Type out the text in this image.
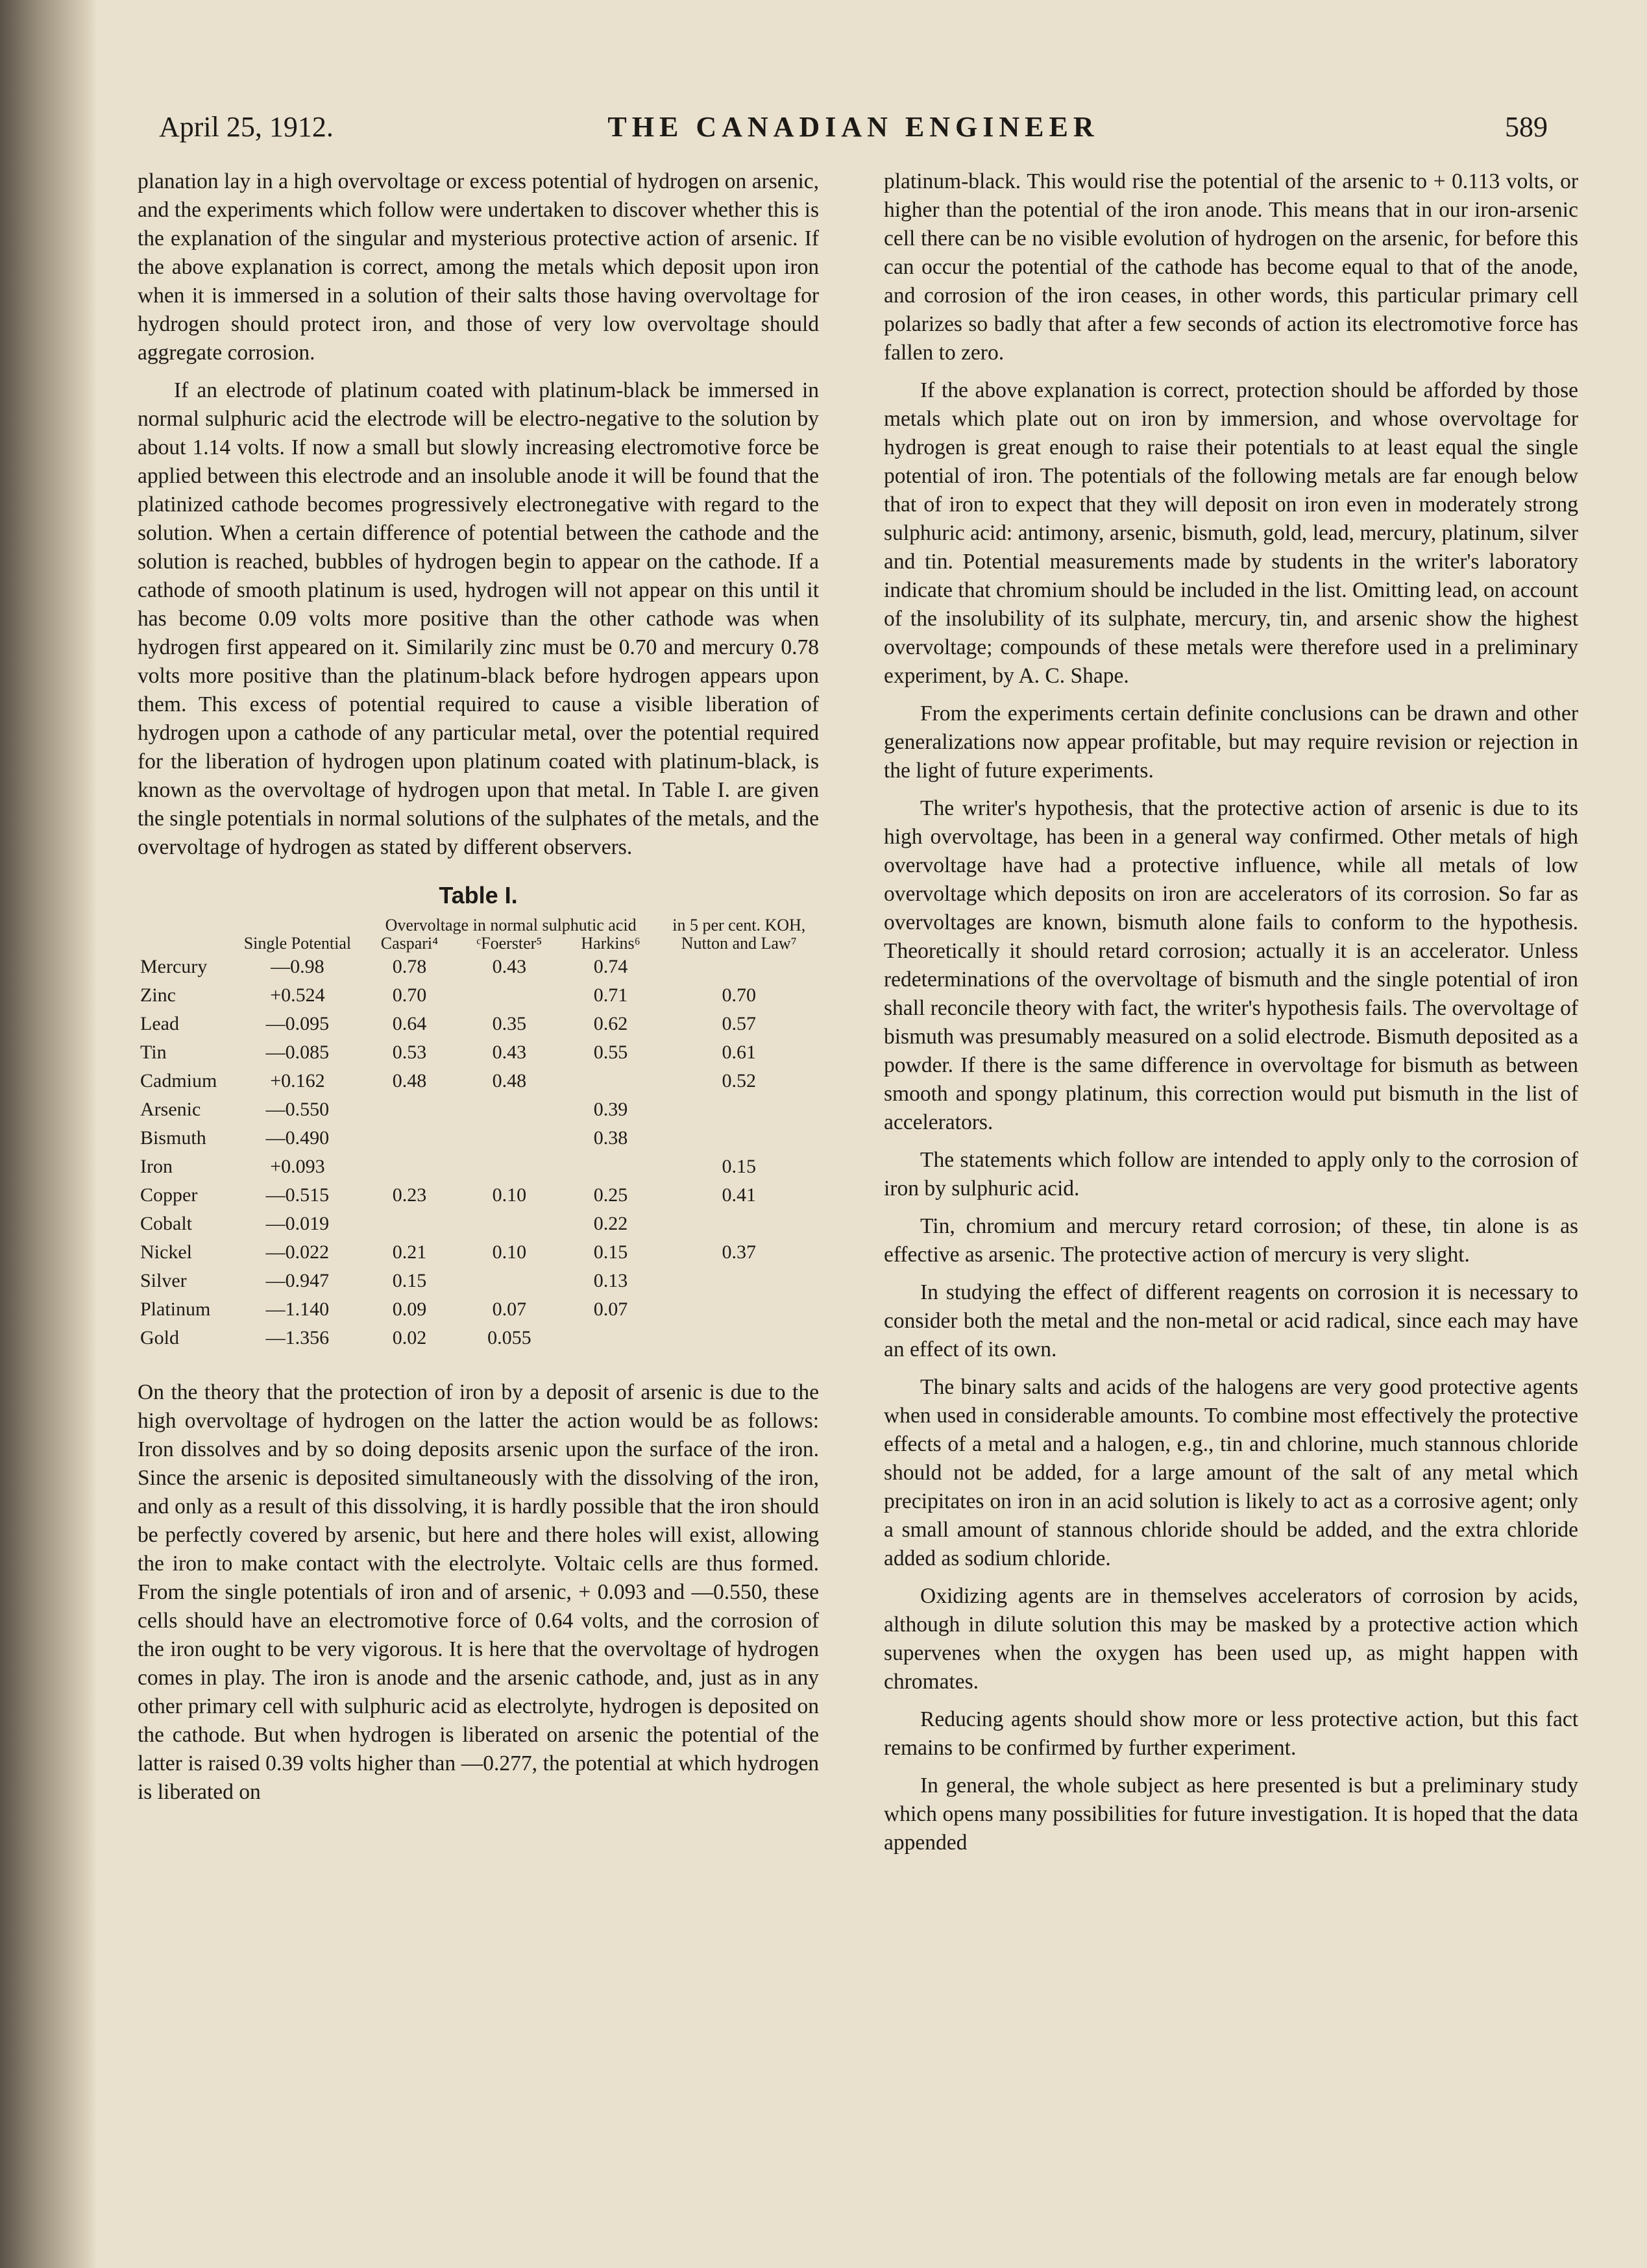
April 25, 1912.	THE CANADIAN ENGINEER	589

planation lay in a high overvoltage or excess potential of hydrogen on arsenic, and the experiments which follow were undertaken to discover whether this is the explanation of the singular and mysterious protective action of arsenic. If the above explanation is correct, among the metals which deposit upon iron when it is immersed in a solution of their salts those having overvoltage for hydrogen should protect iron, and those of very low overvoltage should aggregate corrosion.

If an electrode of platinum coated with platinum-black be immersed in normal sulphuric acid the electrode will be electro-negative to the solution by about 1.14 volts. If now a small but slowly increasing electromotive force be applied between this electrode and an insoluble anode it will be found that the platinized cathode becomes progressively electronegative with regard to the solution. When a certain difference of potential between the cathode and the solution is reached, bubbles of hydrogen begin to appear on the cathode. If a cathode of smooth platinum is used, hydrogen will not appear on this until it has become 0.09 volts more positive than the other cathode was when hydrogen first appeared on it. Similarily zinc must be 0.70 and mercury 0.78 volts more positive than the platinum-black before hydrogen appears upon them. This excess of potential required to cause a visible liberation of hydrogen upon a cathode of any particular metal, over the potential required for the liberation of hydrogen upon platinum coated with platinum-black, is known as the overvoltage of hydrogen upon that metal. In Table I. are given the single potentials in normal solutions of the sulphates of the metals, and the overvoltage of hydrogen as stated by different observers.

Table I.
		Overvoltage in normal sulphutic acid			in 5 per cent. KOH,
	Single Potential	Caspari⁴	ᶜFoerster⁵	Harkins⁶	Nutton and Law⁷
Mercury	—0.98	0.78	0.43	0.74	
Zinc	+0.524	0.70		0.71	0.70
Lead	—0.095	0.64	0.35	0.62	0.57
Tin	—0.085	0.53	0.43	0.55	0.61
Cadmium	+0.162	0.48	0.48		0.52
Arsenic	—0.550			0.39	
Bismuth	—0.490			0.38	
Iron	+0.093				0.15
Copper	—0.515	0.23	0.10	0.25	0.41
Cobalt	—0.019			0.22	
Nickel	—0.022	0.21	0.10	0.15	0.37
Silver	—0.947	0.15		0.13	
Platinum	—1.140	0.09	0.07	0.07	
Gold	—1.356	0.02	0.055		

On the theory that the protection of iron by a deposit of arsenic is due to the high overvoltage of hydrogen on the latter the action would be as follows: Iron dissolves and by so doing deposits arsenic upon the surface of the iron. Since the arsenic is deposited simultaneously with the dissolving of the iron, and only as a result of this dissolving, it is hardly possible that the iron should be perfectly covered by arsenic, but here and there holes will exist, allowing the iron to make contact with the electrolyte. Voltaic cells are thus formed. From the single potentials of iron and of arsenic, + 0.093 and —0.550, these cells should have an electromotive force of 0.64 volts, and the corrosion of the iron ought to be very vigorous. It is here that the overvoltage of hydrogen comes in play. The iron is anode and the arsenic cathode, and, just as in any other primary cell with sulphuric acid as electrolyte, hydrogen is deposited on the cathode. But when hydrogen is liberated on arsenic the potential of the latter is raised 0.39 volts higher than —0.277, the potential at which hydrogen is liberated on

platinum-black. This would rise the potential of the arsenic to + 0.113 volts, or higher than the potential of the iron anode. This means that in our iron-arsenic cell there can be no visible evolution of hydrogen on the arsenic, for before this can occur the potential of the cathode has become equal to that of the anode, and corrosion of the iron ceases, in other words, this particular primary cell polarizes so badly that after a few seconds of action its electromotive force has fallen to zero.

If the above explanation is correct, protection should be afforded by those metals which plate out on iron by immersion, and whose overvoltage for hydrogen is great enough to raise their potentials to at least equal the single potential of iron. The potentials of the following metals are far enough below that of iron to expect that they will deposit on iron even in moderately strong sulphuric acid: antimony, arsenic, bismuth, gold, lead, mercury, platinum, silver and tin. Potential measurements made by students in the writer's laboratory indicate that chromium should be included in the list. Omitting lead, on account of the insolubility of its sulphate, mercury, tin, and arsenic show the highest overvoltage; compounds of these metals were therefore used in a preliminary experiment, by A. C. Shape.

From the experiments certain definite conclusions can be drawn and other generalizations now appear profitable, but may require revision or rejection in the light of future experiments.

The writer's hypothesis, that the protective action of arsenic is due to its high overvoltage, has been in a general way confirmed. Other metals of high overvoltage have had a protective influence, while all metals of low overvoltage which deposits on iron are accelerators of its corrosion. So far as overvoltages are known, bismuth alone fails to conform to the hypothesis. Theoretically it should retard corrosion; actually it is an accelerator. Unless redeterminations of the overvoltage of bismuth and the single potential of iron shall reconcile theory with fact, the writer's hypothesis fails. The overvoltage of bismuth was presumably measured on a solid electrode. Bismuth deposited as a powder. If there is the same difference in overvoltage for bismuth as between smooth and spongy platinum, this correction would put bismuth in the list of accelerators.

The statements which follow are intended to apply only to the corrosion of iron by sulphuric acid.

Tin, chromium and mercury retard corrosion; of these, tin alone is as effective as arsenic. The protective action of mercury is very slight.

In studying the effect of different reagents on corrosion it is necessary to consider both the metal and the non-metal or acid radical, since each may have an effect of its own.

The binary salts and acids of the halogens are very good protective agents when used in considerable amounts. To combine most effectively the protective effects of a metal and a halogen, e.g., tin and chlorine, much stannous chloride should not be added, for a large amount of the salt of any metal which precipitates on iron in an acid solution is likely to act as a corrosive agent; only a small amount of stannous chloride should be added, and the extra chloride added as sodium chloride.

Oxidizing agents are in themselves accelerators of corrosion by acids, although in dilute solution this may be masked by a protective action which supervenes when the oxygen has been used up, as might happen with chromates.

Reducing agents should show more or less protective action, but this fact remains to be confirmed by further experiment.

In general, the whole subject as here presented is but a preliminary study which opens many possibilities for future investigation. It is hoped that the data appended
